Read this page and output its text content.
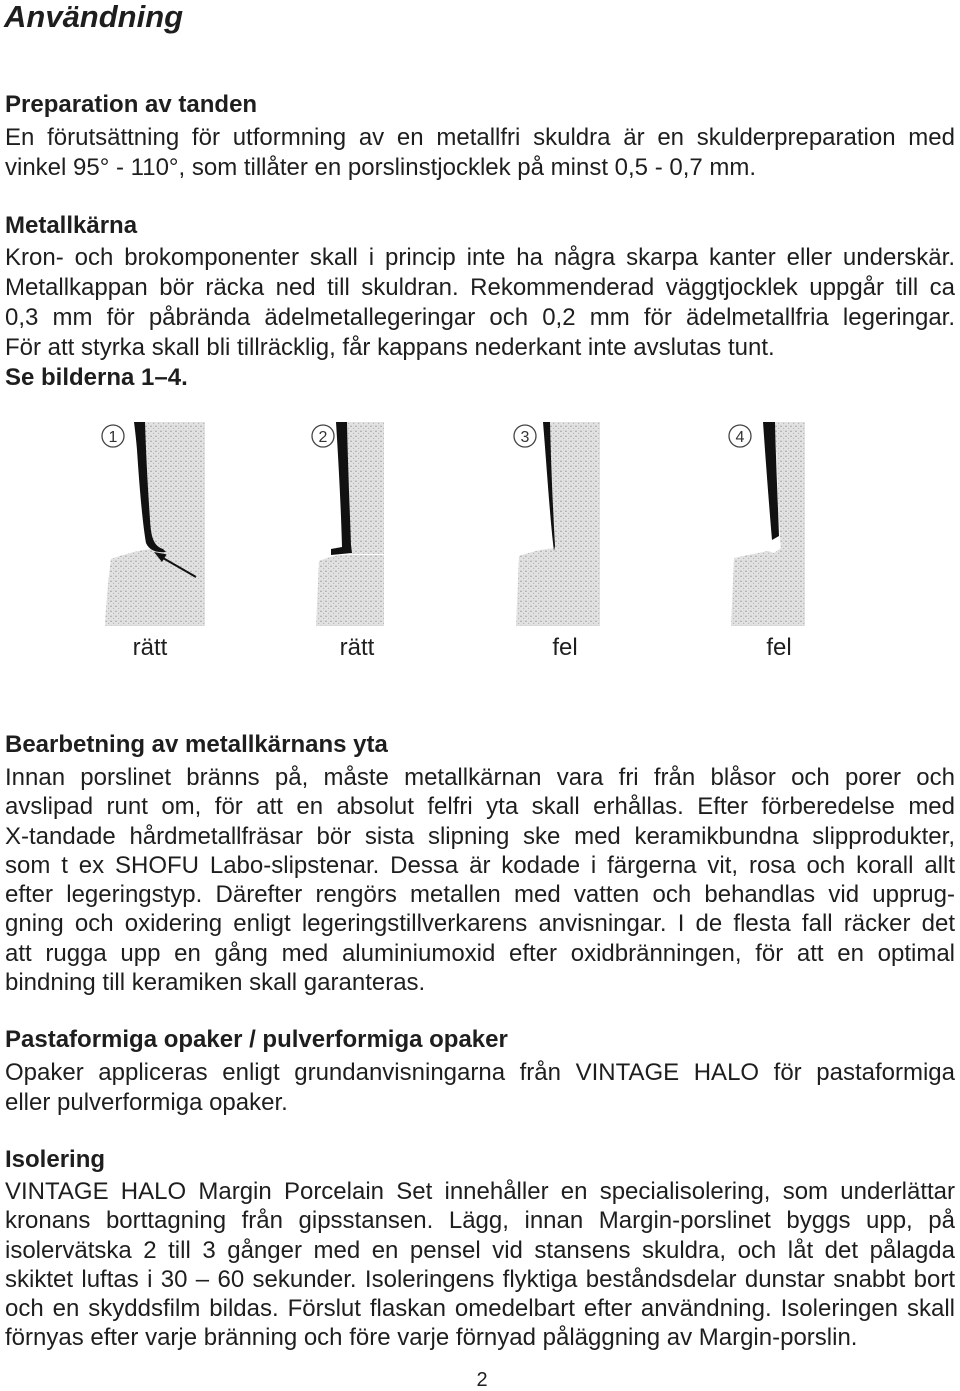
Användning
Preparation av tanden
En förutsättning för utformning av en metallfri skuldra är en skulderpreparation med
vinkel 95° - 110°, som tillåter en porslinstjocklek på minst 0,5 - 0,7 mm.
Metallkärna
Kron- och brokomponenter skall i princip inte ha några skarpa kanter eller underskär.
Metallkappan bör räcka ned till skuldran. Rekommenderad väggtjocklek uppgår till ca
0,3 mm för påbrända ädelmetallegeringar och 0,2 mm för ädelmetallfria legeringar.
För att styrka skall bli tillräcklig, får kappans nederkant inte avslutas tunt.
Se bilderna 1–4.
1	2	3	4
rätt	rätt	fel	fel
Bearbetning av metallkärnans yta
Innan porslinet bränns på, måste metallkärnan vara fri från blåsor och porer och
avslipad runt om, för att en absolut felfri yta skall erhållas. Efter förberedelse med
X-tandade hårdmetallfräsar bör sista slipning ske med keramikbundna slipprodukter,
som t ex SHOFU Labo-slipstenar. Dessa är kodade i färgerna vit, rosa och korall allt
efter legeringstyp. Därefter rengörs metallen med vatten och behandlas vid upprug-
gning och oxidering enligt legeringstillverkarens anvisningar. I de flesta fall räcker det
att rugga upp en gång med aluminiumoxid efter oxidbränningen, för att en optimal
bindning till keramiken skall garanteras.
Pastaformiga opaker / pulverformiga opaker
Opaker appliceras enligt grundanvisningarna från VINTAGE HALO för pastaformiga
eller pulverformiga opaker.
Isolering
VINTAGE HALO Margin Porcelain Set innehåller en specialisolering, som underlättar
kronans borttagning från gipsstansen. Lägg, innan Margin-porslinet byggs upp, på
isolervätska 2 till 3 gånger med en pensel vid stansens skuldra, och låt det pålagda
skiktet luftas i 30 – 60 sekunder. Isoleringens flyktiga beståndsdelar dunstar snabbt bort
och en skyddsfilm bildas. Förslut flaskan omedelbart efter användning. Isoleringen skall
förnyas efter varje bränning och före varje förnyad påläggning av Margin-porslin.
2
